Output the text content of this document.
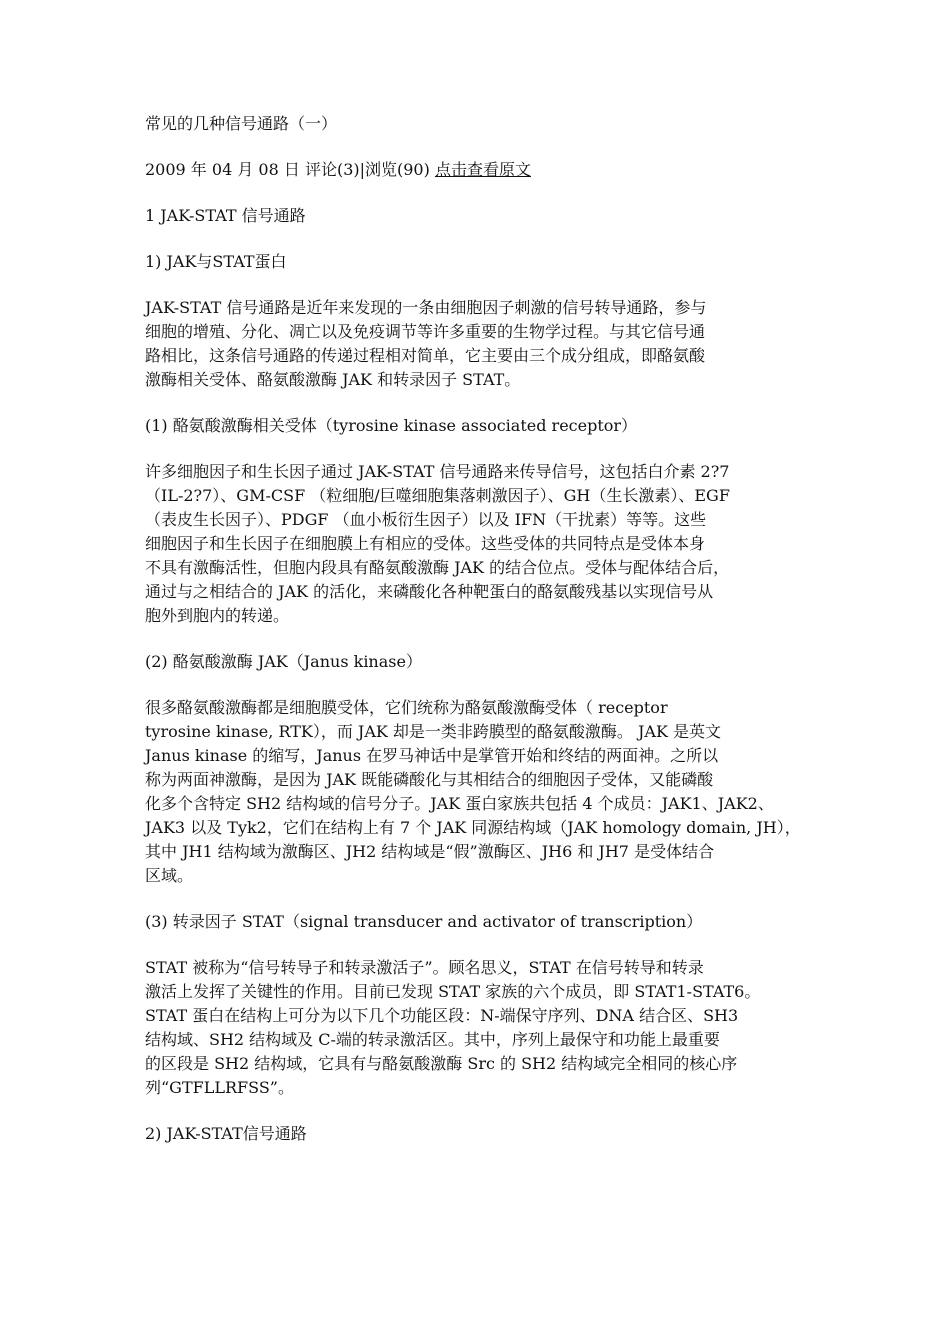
常见的几种信号通路（一）
2009 年 04 月 08 日 评论(3)|浏览(90) 点击查看原文
1 JAK-STAT 信号通路
1) JAK与STAT蛋白
JAK-STAT 信号通路是近年来发现的一条由细胞因子刺激的信号转导通路，参与
细胞的增殖、分化、凋亡以及免疫调节等许多重要的生物学过程。与其它信号通
路相比，这条信号通路的传递过程相对简单，它主要由三个成分组成，即酪氨酸
激酶相关受体、酪氨酸激酶 JAK 和转录因子 STAT。
(1) 酪氨酸激酶相关受体（tyrosine kinase associated receptor）
许多细胞因子和生长因子通过 JAK-STAT 信号通路来传导信号，这包括白介素 2?7
（IL-2?7）、GM-CSF （粒细胞/巨噬细胞集落刺激因子）、GH（生长激素）、EGF
（表皮生长因子）、PDGF （血小板衍生因子）以及 IFN（干扰素）等等。这些
细胞因子和生长因子在细胞膜上有相应的受体。这些受体的共同特点是受体本身
不具有激酶活性，但胞内段具有酪氨酸激酶 JAK 的结合位点。受体与配体结合后，
通过与之相结合的 JAK 的活化，来磷酸化各种靶蛋白的酪氨酸残基以实现信号从
胞外到胞内的转递。
(2) 酪氨酸激酶 JAK（Janus kinase）
很多酪氨酸激酶都是细胞膜受体，它们统称为酪氨酸激酶受体（ receptor
tyrosine kinase, RTK），而 JAK 却是一类非跨膜型的酪氨酸激酶。 JAK 是英文
Janus kinase 的缩写，Janus 在罗马神话中是掌管开始和终结的两面神。之所以
称为两面神激酶，是因为 JAK 既能磷酸化与其相结合的细胞因子受体，又能磷酸
化多个含特定 SH2 结构域的信号分子。JAK 蛋白家族共包括 4 个成员：JAK1、JAK2、
JAK3 以及 Tyk2，它们在结构上有 7 个 JAK 同源结构域（JAK homology domain, JH），
其中 JH1 结构域为激酶区、JH2 结构域是“假”激酶区、JH6 和 JH7 是受体结合
区域。
(3) 转录因子 STAT（signal transducer and activator of transcription）
STAT 被称为“信号转导子和转录激活子”。顾名思义，STAT 在信号转导和转录
激活上发挥了关键性的作用。目前已发现 STAT 家族的六个成员，即 STAT1-STAT6。
STAT 蛋白在结构上可分为以下几个功能区段：N-端保守序列、DNA 结合区、SH3
结构域、SH2 结构域及 C-端的转录激活区。其中，序列上最保守和功能上最重要
的区段是 SH2 结构域，它具有与酪氨酸激酶 Src 的 SH2 结构域完全相同的核心序
列“GTFLLRFSS”。
2) JAK-STAT信号通路
